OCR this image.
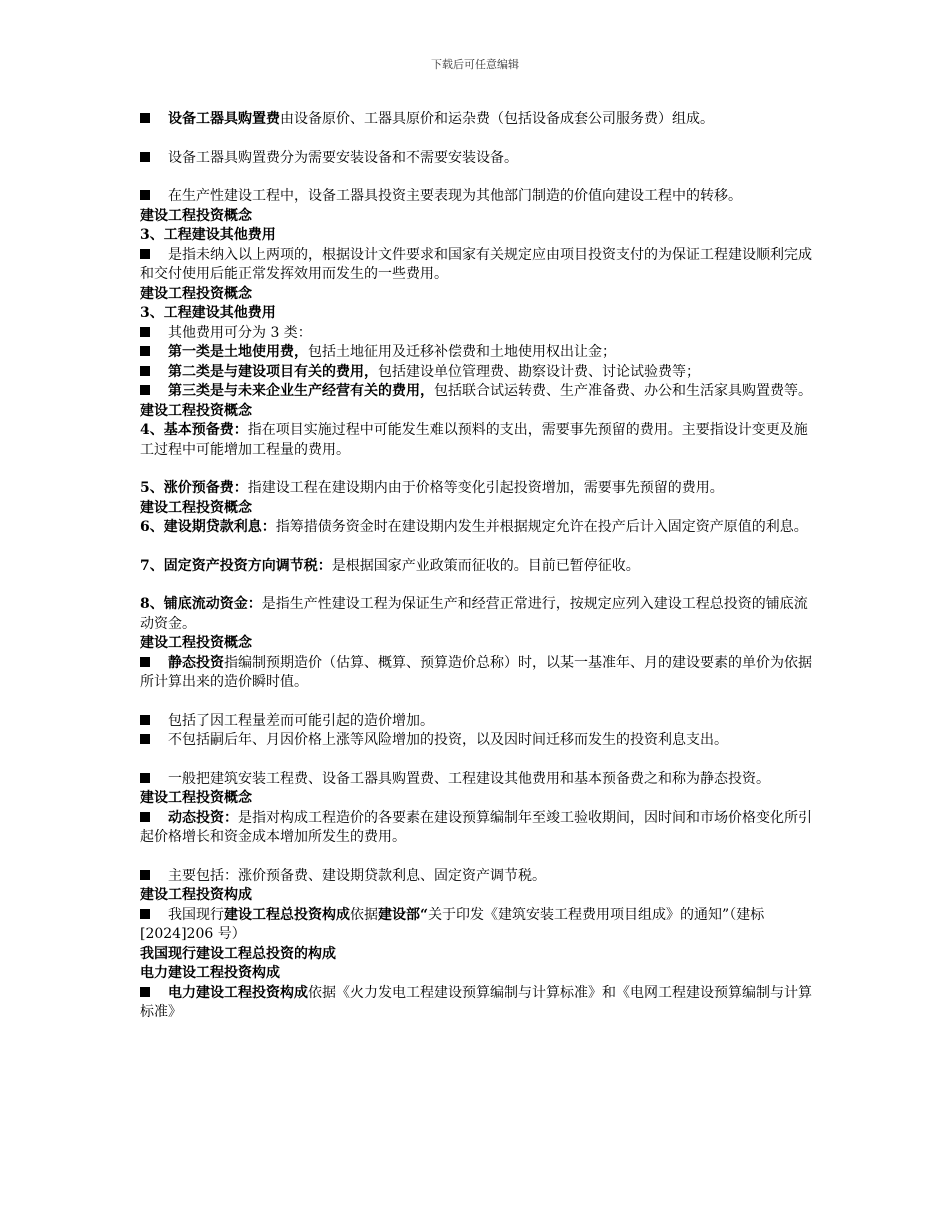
下载后可任意编辑
设备工器具购置费由设备原价、工器具原价和运杂费（包括设备成套公司服务费）组成。
设备工器具购置费分为需要安装设备和不需要安装设备。
在生产性建设工程中，设备工器具投资主要表现为其他部门制造的价值向建设工程中的转移。
建设工程投资概念
3、工程建设其他费用
是指未纳入以上两项的，根据设计文件要求和国家有关规定应由项目投资支付的为保证工程建设顺利完成和交付使用后能正常发挥效用而发生的一些费用。
建设工程投资概念
3、工程建设其他费用
其他费用可分为 3 类：
第一类是土地使用费，包括土地征用及迁移补偿费和土地使用权出让金；
第二类是与建设项目有关的费用，包括建设单位管理费、勘察设计费、讨论试验费等；
第三类是与未来企业生产经营有关的费用，包括联合试运转费、生产准备费、办公和生活家具购置费等。
建设工程投资概念
4、基本预备费：指在项目实施过程中可能发生难以预料的支出，需要事先预留的费用。主要指设计变更及施工过程中可能增加工程量的费用。
5、涨价预备费：指建设工程在建设期内由于价格等变化引起投资增加，需要事先预留的费用。
建设工程投资概念
6、建设期贷款利息：指筹措债务资金时在建设期内发生并根据规定允许在投产后计入固定资产原值的利息。
7、固定资产投资方向调节税：是根据国家产业政策而征收的。目前已暂停征收。
8、铺底流动资金：是指生产性建设工程为保证生产和经营正常进行，按规定应列入建设工程总投资的铺底流动资金。
建设工程投资概念
静态投资指编制预期造价（估算、概算、预算造价总称）时，以某一基准年、月的建设要素的单价为依据所计算出来的造价瞬时值。
包括了因工程量差而可能引起的造价增加。
不包括嗣后年、月因价格上涨等风险增加的投资，以及因时间迁移而发生的投资利息支出。
一般把建筑安装工程费、设备工器具购置费、工程建设其他费用和基本预备费之和称为静态投资。
建设工程投资概念
动态投资：是指对构成工程造价的各要素在建设预算编制年至竣工验收期间，因时间和市场价格变化所引起价格增长和资金成本增加所发生的费用。
主要包括：涨价预备费、建设期贷款利息、固定资产调节税。
建设工程投资构成
我国现行建设工程总投资构成依据建设部“关于印发《建筑安装工程费用项目组成》的通知”（建标[2024]206 号）
我国现行建设工程总投资的构成
电力建设工程投资构成
电力建设工程投资构成依据《火力发电工程建设预算编制与计算标准》和《电网工程建设预算编制与计算标准》
